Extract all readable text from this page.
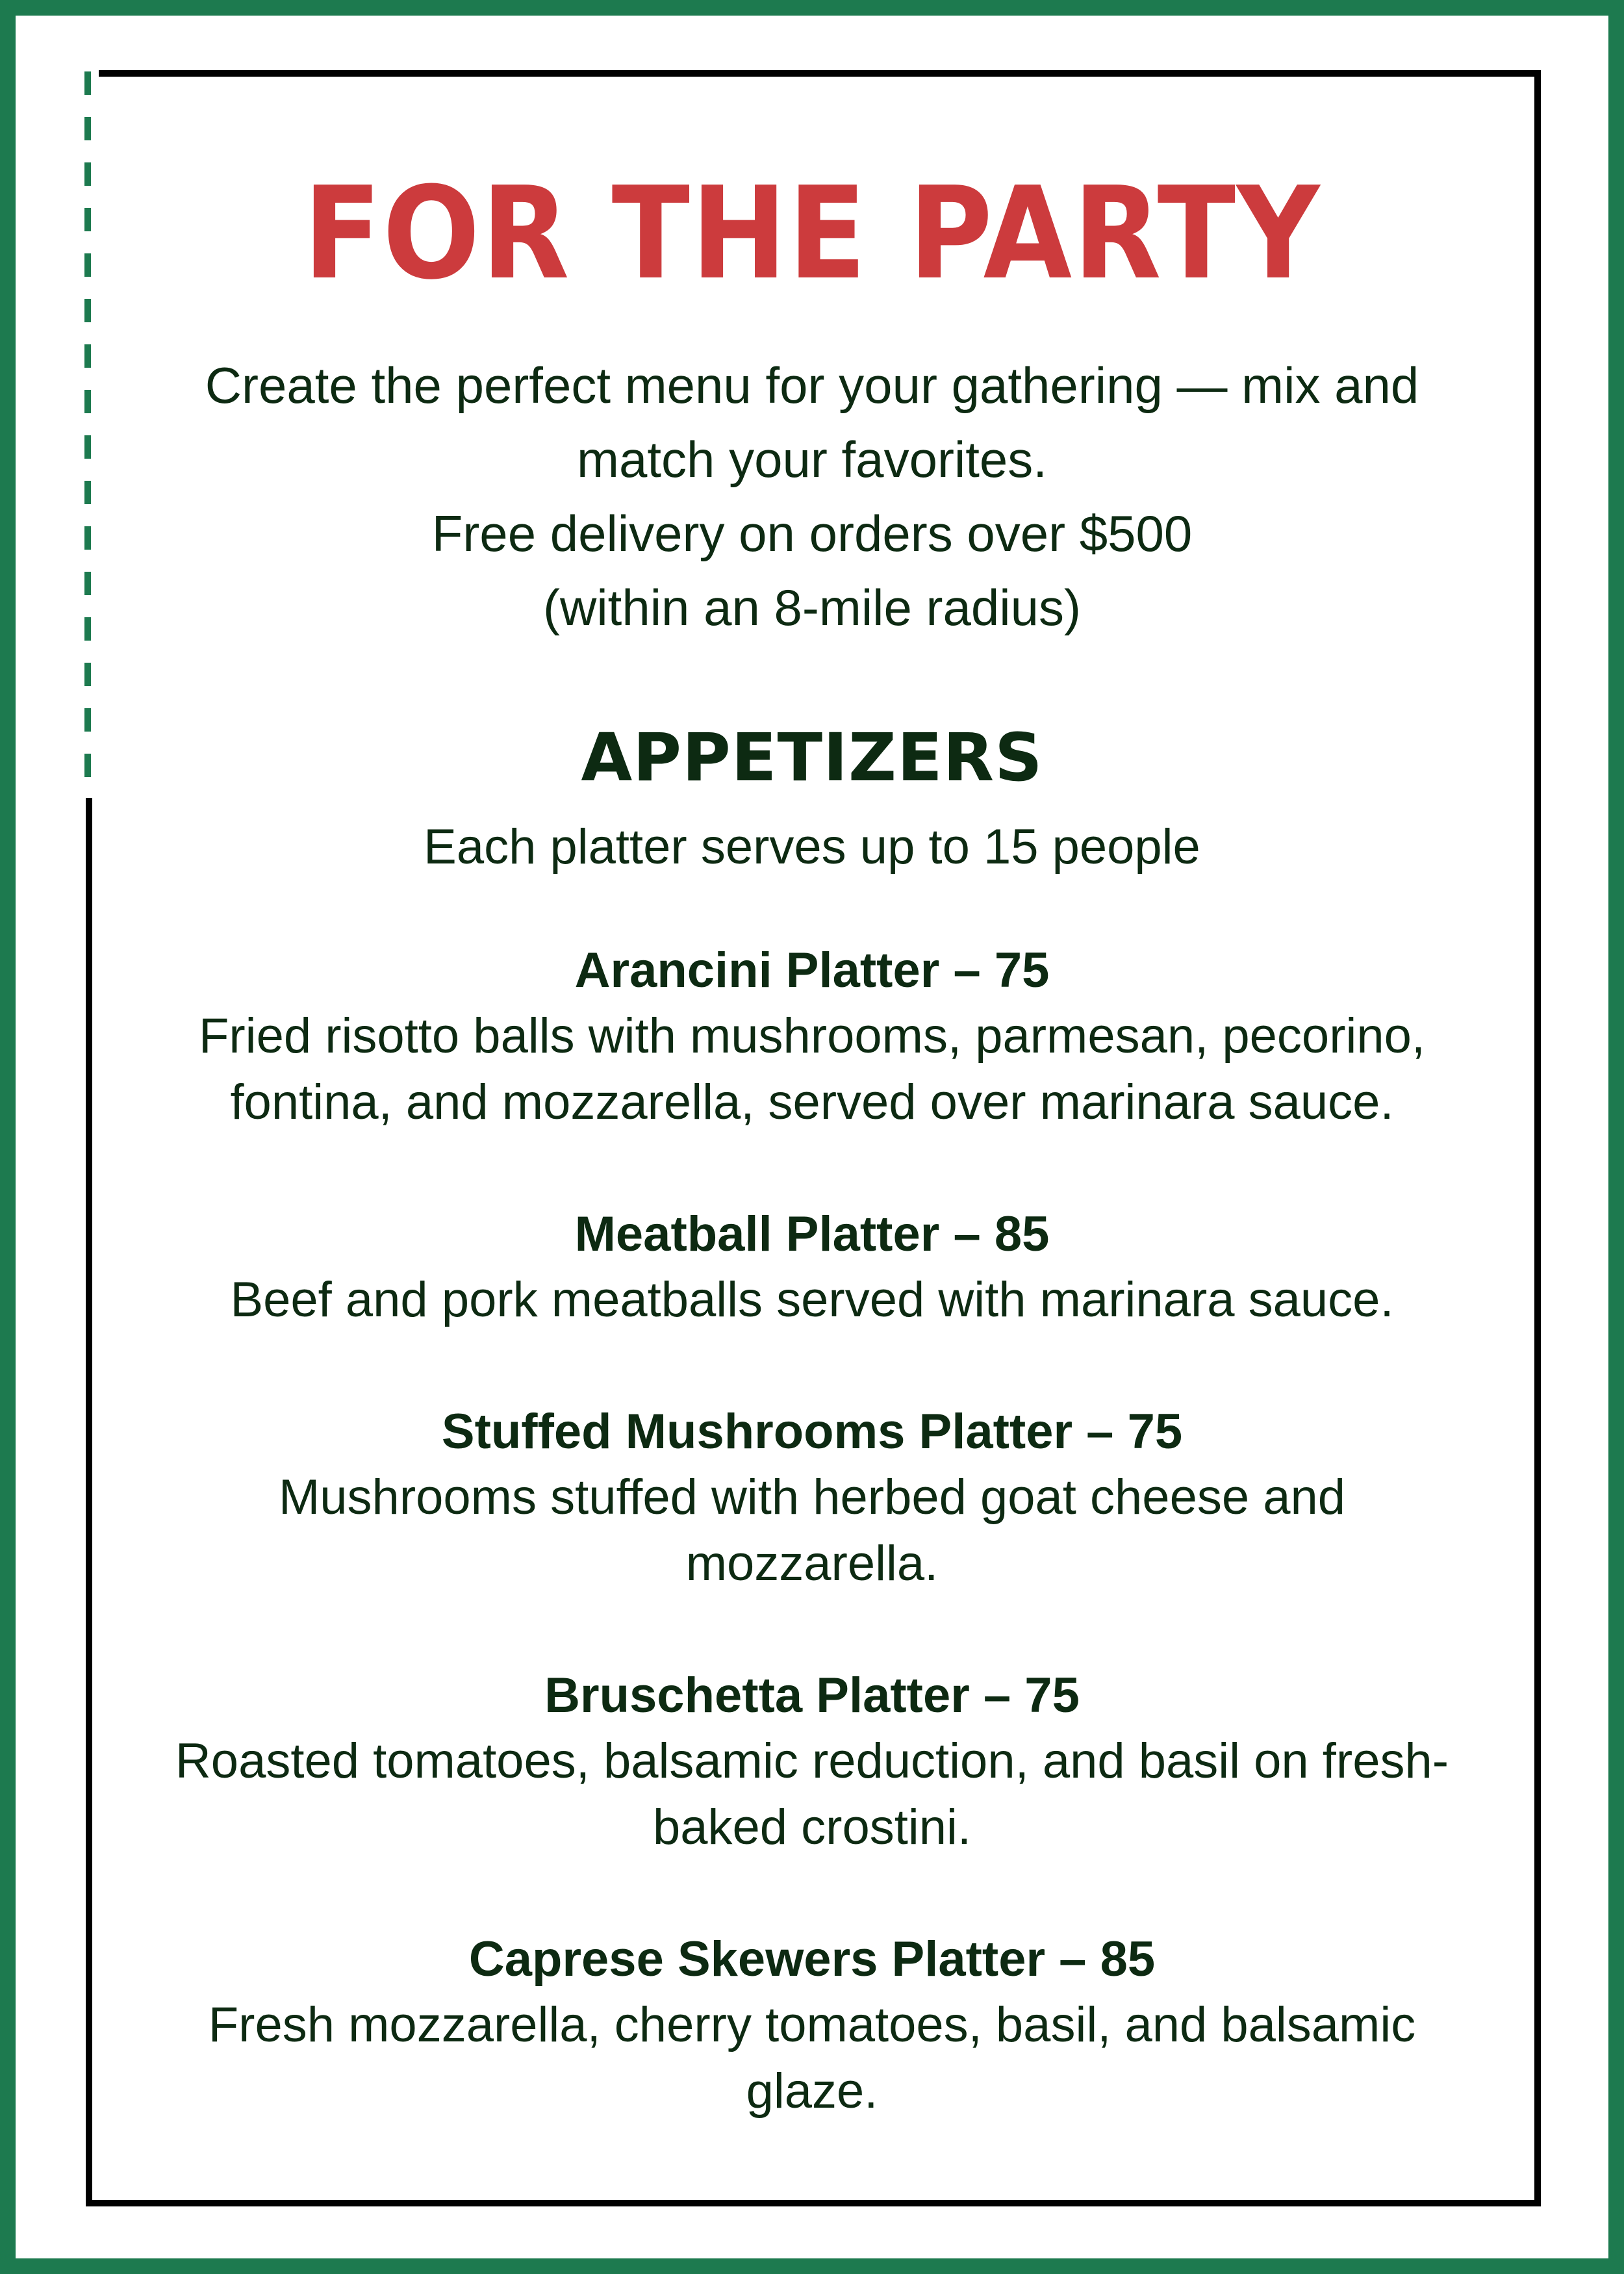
FOR THE PARTY
Create the perfect menu for your gathering — mix and
match your favorites.
Free delivery on orders over $500
(within an 8-mile radius)
APPETIZERS
Each platter serves up to 15 people
Arancini Platter – 75
Fried risotto balls with mushrooms, parmesan, pecorino,
fontina, and mozzarella, served over marinara sauce.
Meatball Platter – 85
Beef and pork meatballs served with marinara sauce.
Stuffed Mushrooms Platter – 75
Mushrooms stuffed with herbed goat cheese and
mozzarella.
Bruschetta Platter – 75
Roasted tomatoes, balsamic reduction, and basil on fresh-
baked crostini.
Caprese Skewers Platter – 85
Fresh mozzarella, cherry tomatoes, basil, and balsamic
glaze.
